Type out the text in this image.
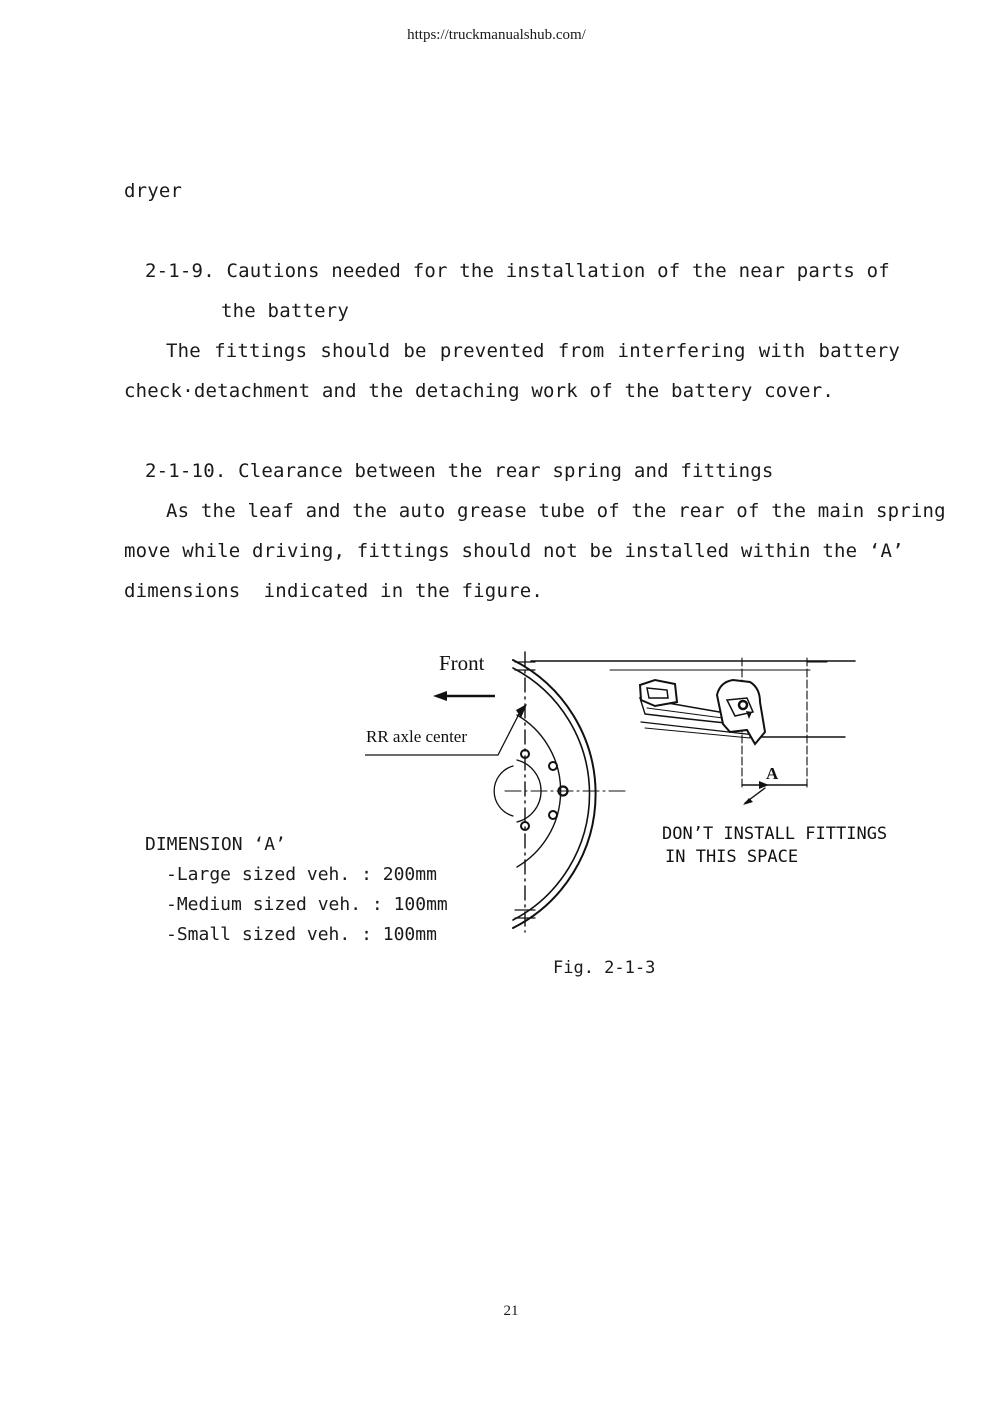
https://truckmanualshub.com/
dryer
2-1-9. Cautions needed for the installation of the near parts of
the battery
The fittings should be prevented from interfering with battery
check·detachment and the detaching work of the battery cover.
2-1-10. Clearance between the rear spring and fittings
As the leaf and the auto grease tube of the rear of the main spring
move while driving, fittings should not be installed within the ‘A’
dimensions  indicated in the figure.
DIMENSION ‘A’
-Large sized veh. : 200mm
-Medium sized veh. : 100mm
-Small sized veh. : 100mm
Front
RR axle center
A
DON’T INSTALL FITTINGS
IN THIS SPACE
Fig. 2-1-3
21
